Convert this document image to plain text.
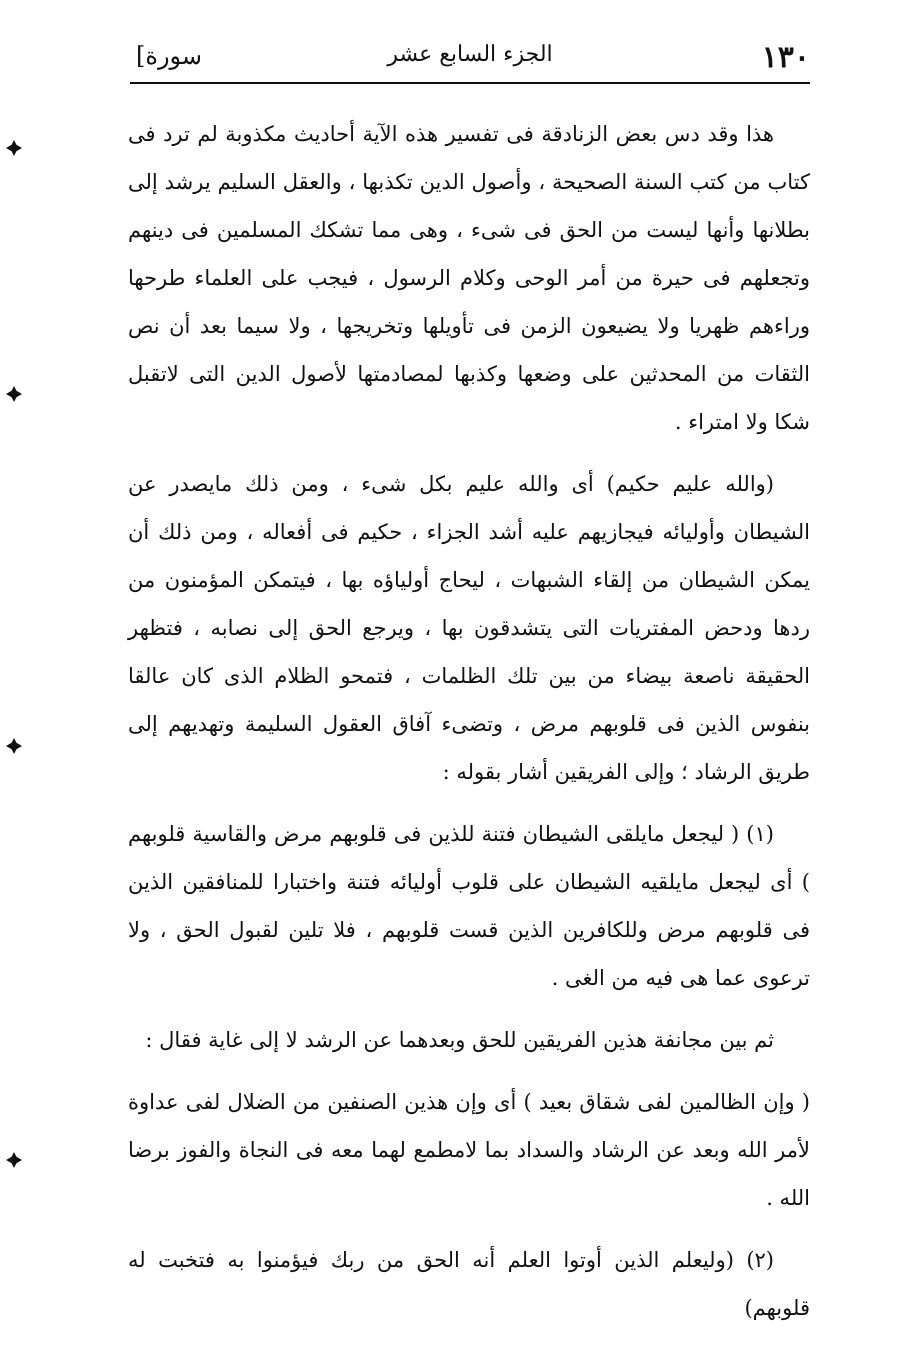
١٣٠
الجزء السابع عشر
سورة]

هذا وقد دس بعض الزنادقة فى تفسير هذه الآية أحاديث مكذوبة لم ترد فى كتاب من كتب السنة الصحيحة ، وأصول الدين تكذبها ، والعقل السليم يرشد إلى بطلانها وأنها ليست من الحق فى شىء ، وهى مما تشكك المسلمين فى دينهم وتجعلهم فى حيرة من أمر الوحى وكلام الرسول ، فيجب على العلماء طرحها وراءهم ظهريا ولا يضيعون الزمن فى تأويلها وتخريجها ، ولا سيما بعد أن نص الثقات من المحدثين على وضعها وكذبها لمصادمتها لأصول الدين التى لاتقبل شكا ولا امتراء .

(والله عليم حكيم) أى والله عليم بكل شىء ، ومن ذلك مايصدر عن الشيطان وأوليائه فيجازيهم عليه أشد الجزاء ، حكيم فى أفعاله ، ومن ذلك أن يمكن الشيطان من إلقاء الشبهات ، ليحاج أولياؤه بها ، فيتمكن المؤمنون من ردها ودحض المفتريات التى يتشدقون بها ، ويرجع الحق إلى نصابه ، فتظهر الحقيقة ناصعة بيضاء من بين تلك الظلمات ، فتمحو الظلام الذى كان عالقا بنفوس الذين فى قلوبهم مرض ، وتضىء آفاق العقول السليمة وتهديهم إلى طريق الرشاد ؛ وإلى الفريقين أشار بقوله :

(١) ( ليجعل مايلقى الشيطان فتنة للذين فى قلوبهم مرض والقاسية قلوبهم ) أى ليجعل مايلقيه الشيطان على قلوب أوليائه فتنة واختبارا للمنافقين الذين فى قلوبهم مرض وللكافرين الذين قست قلوبهم ، فلا تلين لقبول الحق ، ولا ترعوى عما هى فيه من الغى .

ثم بين مجانفة هذين الفريقين للحق وبعدهما عن الرشد لا إلى غاية فقال :

( وإن الظالمين لفى شقاق بعيد ) أى وإن هذين الصنفين من الضلال لفى عداوة لأمر الله وبعد عن الرشاد والسداد بما لامطمع لهما معه فى النجاة والفوز برضا الله .

(٢) (وليعلم الذين أوتوا العلم أنه الحق من ربك فيؤمنوا به فتخبت له قلوبهم)
